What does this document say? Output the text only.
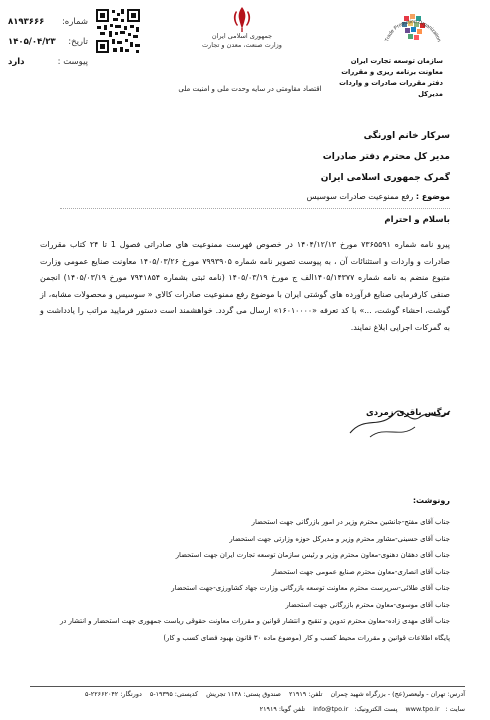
شماره:
۸۱۹۳۶۶۶
تاریخ:
۱۴۰۵/۰۴/۲۳
پیوست :
دارد
جمهوری اسلامی ایران
وزارت صنعت، معدن و تجارت
اقتصاد مقاومتی در سایه وحدت ملی و امنیت ملی
Trade Promotion Organization
سازمان توسعه تجارت ایران
معاونت برنامه ریزی و مقررات
دفتر مقررات صادرات و واردات
مدیرکل
سرکار خانم اورنگی
مدیر کل محترم دفتر صادرات
گمرک جمهوری اسلامی ایران
موضوع : رفع ممنوعیت صادرات سوسیس
باسلام و احترام
پیرو نامه شماره ۷۳۶۵۵۹۱ مورخ ۱۴۰۴/۱۲/۱۳ در خصوص فهرست ممنوعیت های صادراتی فصول 1 تا ۲۴ کتاب مقررات صادرات و واردات و استثنائات آن ، به پیوست تصویر نامه شماره ۷۹۹۳۹۰۵ مورخ ۱۴۰۵/۰۳/۲۶ معاونت صنایع عمومی وزارت متبوع منضم به نامه شماره ۱۴۰۵/۱۴۳۷۷الف ج مورخ ۱۴۰۵/۰۳/۱۹ (نامه ثبتی بشماره ۷۹۴۱۸۵۴ مورخ ۱۴۰۵/۰۳/۱۹) انجمن صنفی کارفرمایی صنایع فرآورده های گوشتی ایران با موضوع رفع ممنوعیت صادرات کالای « سوسیس و محصولات مشابه، از گوشت، احشاء گوشت، ...» با کد تعرفه «۱۶۰۱۰۰۰۰» ارسال می گردد. خواهشمند است دستور فرمایید مراتب را یادداشت و به گمرکات اجرایی ابلاغ نمایند.
نرگس باقری زمردی
رونوشت:
جناب آقای مفتح-جانشین محترم وزیر در امور بازرگانی جهت استحضار
جناب آقای حسینی-مشاور محترم وزیر و مدیرکل حوزه وزارتی جهت استحضار
جناب آقای دهقان دهنوی-معاون محترم وزیر و رئیس سازمان توسعه تجارت ایران جهت استحضار
جناب آقای انصاری-معاون محترم صنایع عمومی جهت استحضار
جناب آقای طلائی-سرپرست محترم معاونت توسعه بازرگانی وزارت جهاد کشاورزی-جهت استحضار
جناب آقای موسوی-معاون محترم بازرگانی جهت استحضار
جناب آقای مهدی زاده-معاون محترم تدوین و تنقیح و انتشار قوانین و مقررات معاونت حقوقی ریاست جمهوری جهت استحضار و انتشار در
پایگاه اطلاعات قوانین و مقررات محیط کسب و کار (موضوع ماده ۳۰ قانون بهبود فضای کسب و کار)
آدرس: تهران - ولیعصر(عج) - بزرگراه شهید چمران تلفن: ۲۱۹۱۹ صندوق پستی: ۱۱۴۸ تجریش کدپستی: ۱۹۳۹۵-۵ دورنگار: ۲۲۶۶۲۰۴۲-۵
سایت :www.tpo.ir پست الکترونیک:info@tpo.ir تلفن گویا: ۲۱۹۱۹
